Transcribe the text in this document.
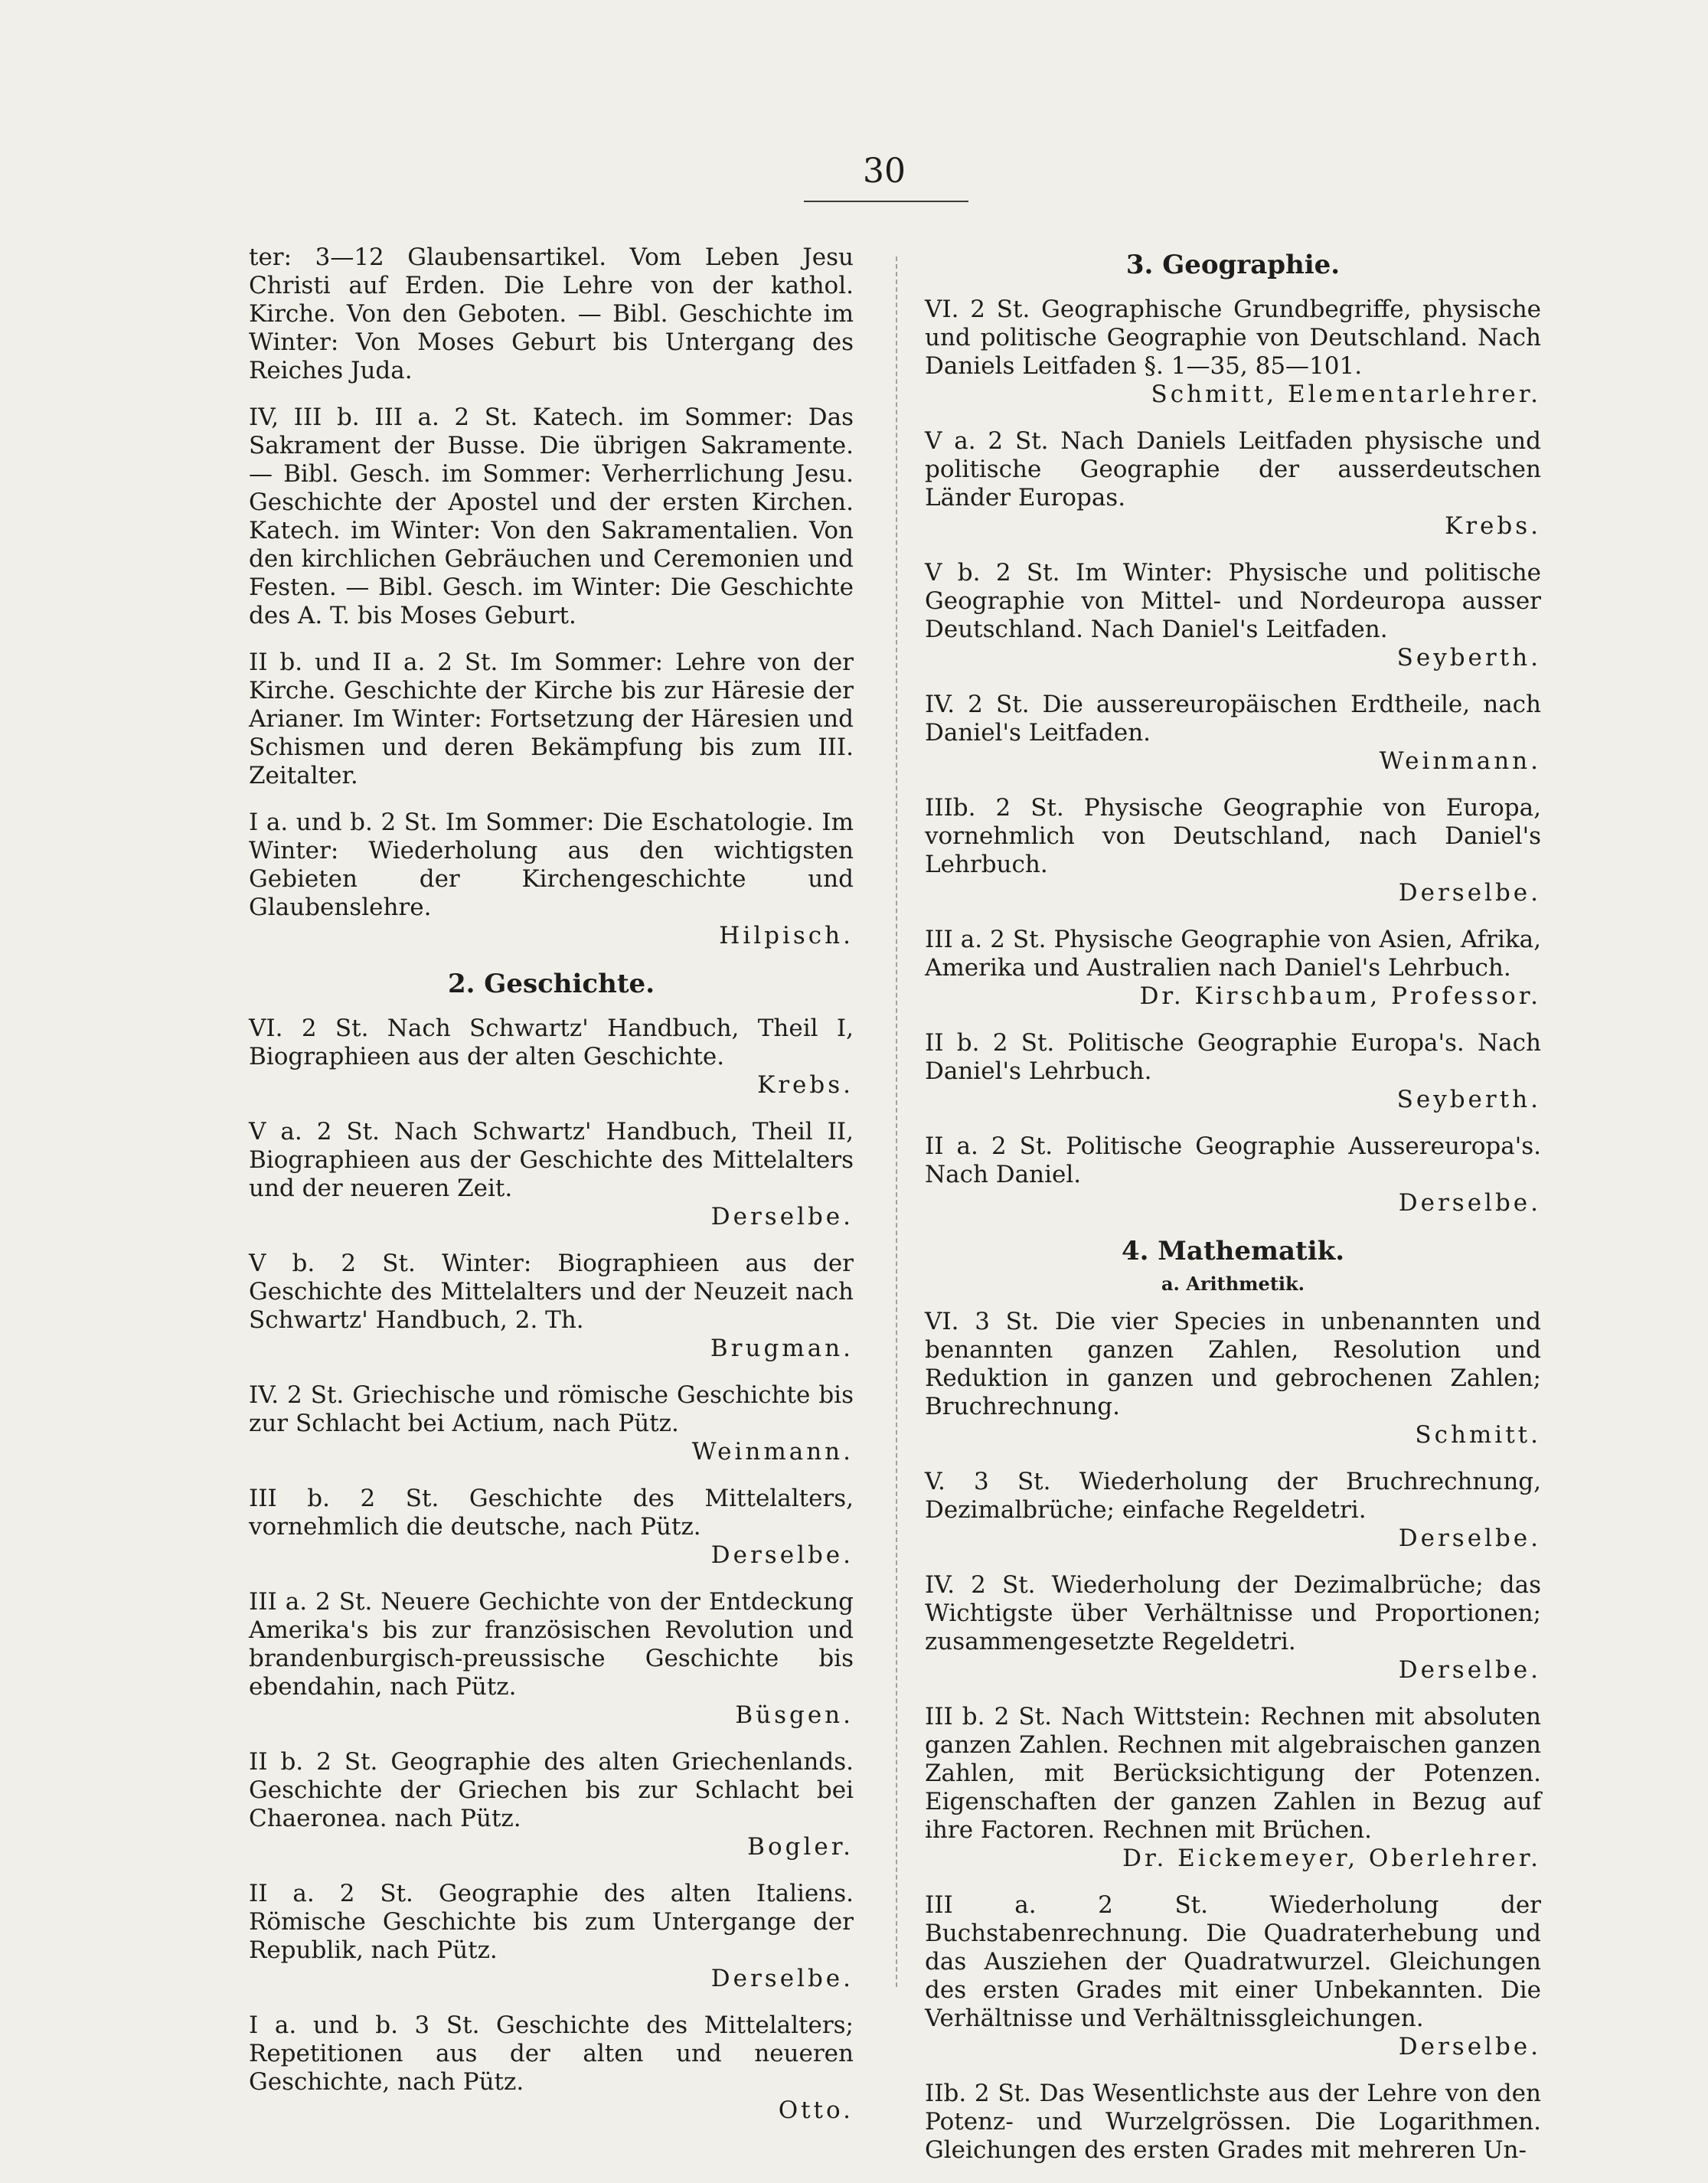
30
ter: 3—12 Glaubensartikel. Vom Leben Jesu Christi auf Erden. Die Lehre von der kathol. Kirche. Von den Geboten. — Bibl. Geschichte im Winter: Von Moses Geburt bis Untergang des Reiches Juda.
IV, III b. III a. 2 St. Katech. im Sommer: Das Sakrament der Busse. Die übrigen Sakramente. — Bibl. Gesch. im Sommer: Verherrlichung Jesu. Geschichte der Apostel und der ersten Kirchen. Katech. im Winter: Von den Sakramentalien. Von den kirchlichen Gebräuchen und Ceremonien und Festen. — Bibl. Gesch. im Winter: Die Geschichte des A. T. bis Moses Geburt.
II b. und II a. 2 St. Im Sommer: Lehre von der Kirche. Geschichte der Kirche bis zur Häresie der Arianer. Im Winter: Fortsetzung der Häresien und Schismen und deren Bekämpfung bis zum III. Zeitalter.
I a. und b. 2 St. Im Sommer: Die Eschatologie. Im Winter: Wiederholung aus den wichtigsten Gebieten der Kirchengeschichte und Glaubenslehre.
Hilpisch.
2. Geschichte.
VI. 2 St. Nach Schwartz' Handbuch, Theil I, Biographieen aus der alten Geschichte.
Krebs.
V a. 2 St. Nach Schwartz' Handbuch, Theil II, Biographieen aus der Geschichte des Mittelalters und der neueren Zeit.
Derselbe.
V b. 2 St. Winter: Biographieen aus der Geschichte des Mittelalters und der Neuzeit nach Schwartz' Handbuch, 2. Th.
Brugman.
IV. 2 St. Griechische und römische Geschichte bis zur Schlacht bei Actium, nach Pütz.
Weinmann.
III b. 2 St. Geschichte des Mittelalters, vornehmlich die deutsche, nach Pütz.
Derselbe.
III a. 2 St. Neuere Gechichte von der Entdeckung Amerika's bis zur französischen Revolution und brandenburgisch-preussische Geschichte bis ebendahin, nach Pütz.
Büsgen.
II b. 2 St. Geographie des alten Griechenlands. Geschichte der Griechen bis zur Schlacht bei Chaeronea. nach Pütz.
Bogler.
II a. 2 St. Geographie des alten Italiens. Römische Geschichte bis zum Untergange der Republik, nach Pütz.
Derselbe.
I a. und b. 3 St. Geschichte des Mittelalters; Repetitionen aus der alten und neueren Geschichte, nach Pütz.
Otto.
3. Geographie.
VI. 2 St. Geographische Grundbegriffe, physische und politische Geographie von Deutschland. Nach Daniels Leitfaden §. 1—35, 85—101.
Schmitt, Elementarlehrer.
V a. 2 St. Nach Daniels Leitfaden physische und politische Geographie der ausserdeutschen Länder Europas.
Krebs.
V b. 2 St. Im Winter: Physische und politische Geographie von Mittel- und Nordeuropa ausser Deutschland. Nach Daniel's Leitfaden.
Seyberth.
IV. 2 St. Die aussereuropäischen Erdtheile, nach Daniel's Leitfaden.
Weinmann.
IIIb. 2 St. Physische Geographie von Europa, vornehmlich von Deutschland, nach Daniel's Lehrbuch.
Derselbe.
III a. 2 St. Physische Geographie von Asien, Afrika, Amerika und Australien nach Daniel's Lehrbuch.
Dr. Kirschbaum, Professor.
II b. 2 St. Politische Geographie Europa's. Nach Daniel's Lehrbuch.
Seyberth.
II a. 2 St. Politische Geographie Aussereuropa's. Nach Daniel.
Derselbe.
4. Mathematik.
a. Arithmetik.
VI. 3 St. Die vier Species in unbenannten und benannten ganzen Zahlen, Resolution und Reduktion in ganzen und gebrochenen Zahlen; Bruchrechnung.
Schmitt.
V. 3 St. Wiederholung der Bruchrechnung, Dezimalbrüche; einfache Regeldetri.
Derselbe.
IV. 2 St. Wiederholung der Dezimalbrüche; das Wichtigste über Verhältnisse und Proportionen; zusammengesetzte Regeldetri.
Derselbe.
III b. 2 St. Nach Wittstein: Rechnen mit absoluten ganzen Zahlen. Rechnen mit algebraischen ganzen Zahlen, mit Berücksichtigung der Potenzen. Eigenschaften der ganzen Zahlen in Bezug auf ihre Factoren. Rechnen mit Brüchen.
Dr. Eickemeyer, Oberlehrer.
III a. 2 St. Wiederholung der Buchstabenrechnung. Die Quadraterhebung und das Ausziehen der Quadratwurzel. Gleichungen des ersten Grades mit einer Unbekannten. Die Verhältnisse und Verhältnissgleichungen.
Derselbe.
IIb. 2 St. Das Wesentlichste aus der Lehre von den Potenz- und Wurzelgrössen. Die Logarithmen. Gleichungen des ersten Grades mit mehreren Un-
